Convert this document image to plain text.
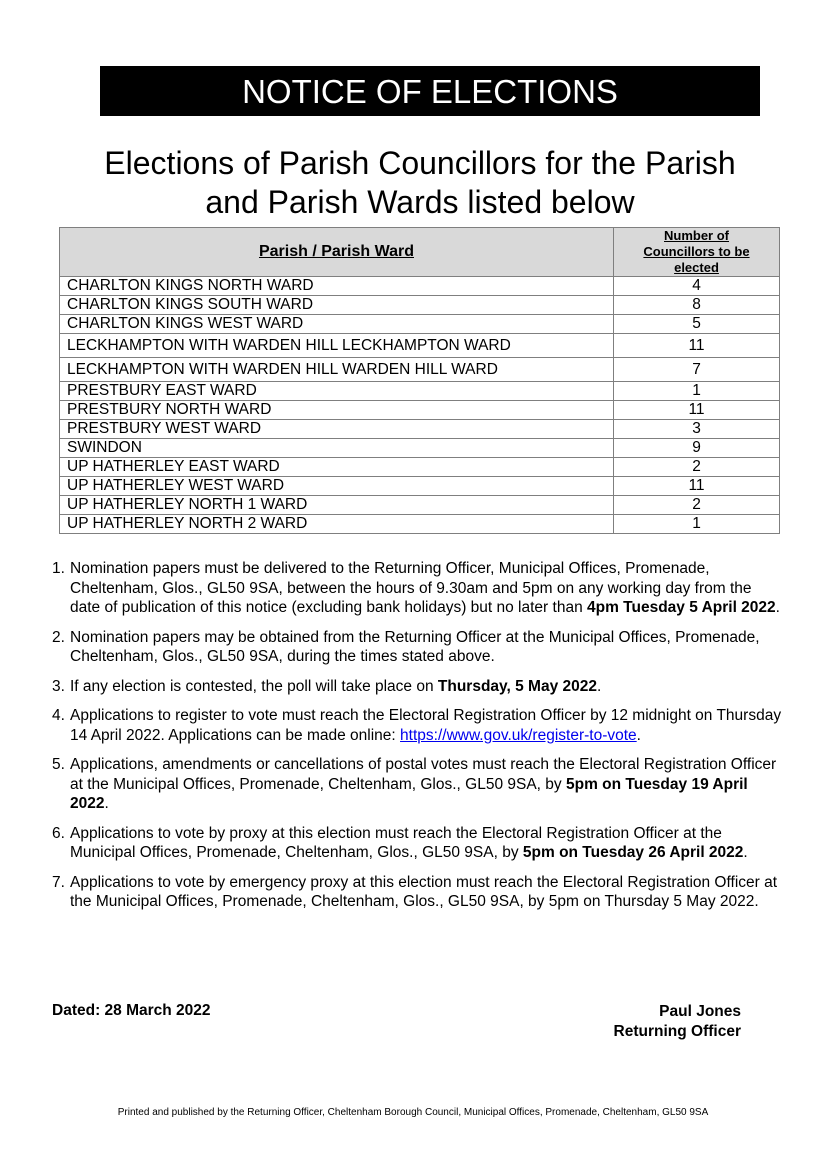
NOTICE OF ELECTIONS
Elections of Parish Councillors for the Parish
and Parish Wards listed below
Parish / Parish Ward	Number of
Councillors to be
elected
CHARLTON KINGS NORTH WARD	4
CHARLTON KINGS SOUTH WARD	8
CHARLTON KINGS WEST WARD	5
LECKHAMPTON WITH WARDEN HILL LECKHAMPTON WARD	11
LECKHAMPTON WITH WARDEN HILL WARDEN HILL WARD	7
PRESTBURY EAST WARD	1
PRESTBURY NORTH WARD	11
PRESTBURY WEST WARD	3
SWINDON	9
UP HATHERLEY EAST WARD	2
UP HATHERLEY WEST WARD	11
UP HATHERLEY NORTH 1 WARD	2
UP HATHERLEY NORTH 2 WARD	1
1. Nomination papers must be delivered to the Returning Officer, Municipal Offices, Promenade, Cheltenham, Glos., GL50 9SA, between the hours of 9.30am and 5pm on any working day from the date of publication of this notice (excluding bank holidays) but no later than 4pm Tuesday 5 April 2022.
2. Nomination papers may be obtained from the Returning Officer at the Municipal Offices, Promenade, Cheltenham, Glos., GL50 9SA, during the times stated above.
3. If any election is contested, the poll will take place on Thursday, 5 May 2022.
4. Applications to register to vote must reach the Electoral Registration Officer by 12 midnight on Thursday 14 April 2022. Applications can be made online: https://www.gov.uk/register-to-vote.
5. Applications, amendments or cancellations of postal votes must reach the Electoral Registration Officer at the Municipal Offices, Promenade, Cheltenham, Glos., GL50 9SA, by 5pm on Tuesday 19 April 2022.
6. Applications to vote by proxy at this election must reach the Electoral Registration Officer at the Municipal Offices, Promenade, Cheltenham, Glos., GL50 9SA, by 5pm on Tuesday 26 April 2022.
7. Applications to vote by emergency proxy at this election must reach the Electoral Registration Officer at the Municipal Offices, Promenade, Cheltenham, Glos., GL50 9SA, by 5pm on Thursday 5 May 2022.
Dated: 28 March 2022	Paul Jones
Returning Officer
Printed and published by the Returning Officer, Cheltenham Borough Council, Municipal Offices, Promenade, Cheltenham, GL50 9SA
